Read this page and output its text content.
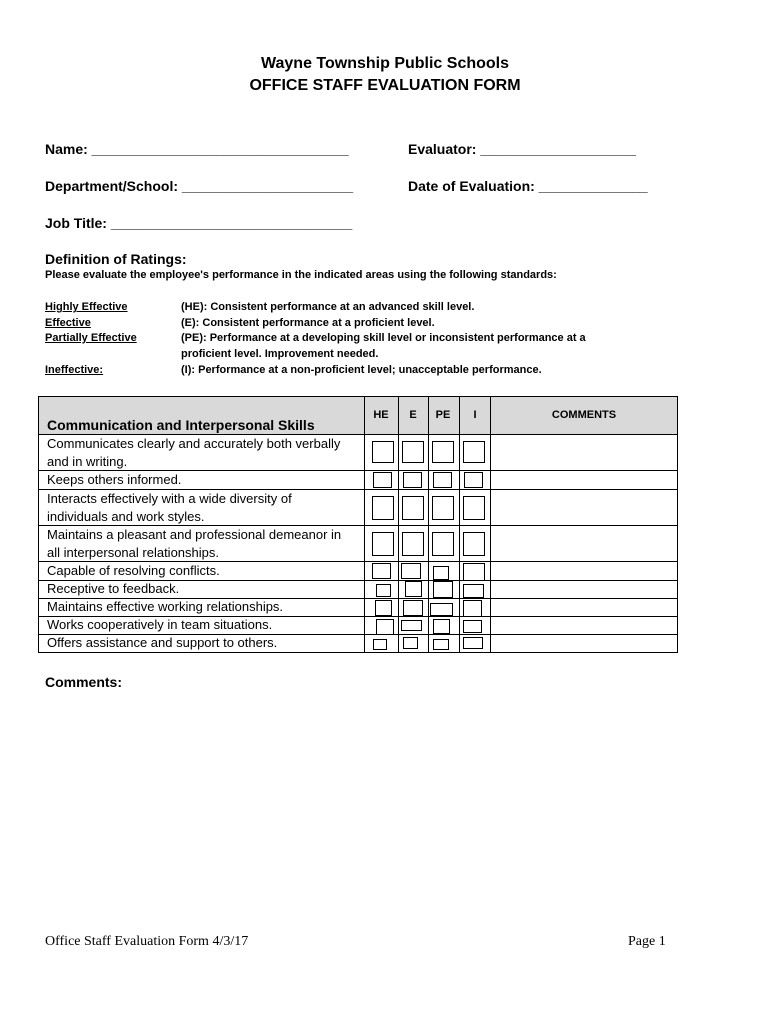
Wayne Township Public Schools
OFFICE STAFF EVALUATION FORM
Name: _________________________________	Evaluator: ____________________
Department/School: ______________________	Date of Evaluation: ______________
Job Title: _______________________________
Definition of Ratings:
Please evaluate the employee's performance in the indicated areas using the following standards:
Highly Effective	(HE): Consistent performance at an advanced skill level.
Effective	(E): Consistent performance at a proficient level.
Partially Effective	(PE): Performance at a developing skill level or inconsistent performance at a
proficient level. Improvement needed.
Ineffective:	(I): Performance at a non-proficient level; unacceptable performance.
Communication and Interpersonal Skills
HE	E	PE	I	COMMENTS
Communicates clearly and accurately both verbally
and in writing.
Keeps others informed.
Interacts effectively with a wide diversity of
individuals and work styles.
Maintains a pleasant and professional demeanor in
all interpersonal relationships.
Capable of resolving conflicts.
Receptive to feedback.
Maintains effective working relationships.
Works cooperatively in team situations.
Offers assistance and support to others.
Comments:
Office Staff Evaluation Form 4/3/17	Page 1
